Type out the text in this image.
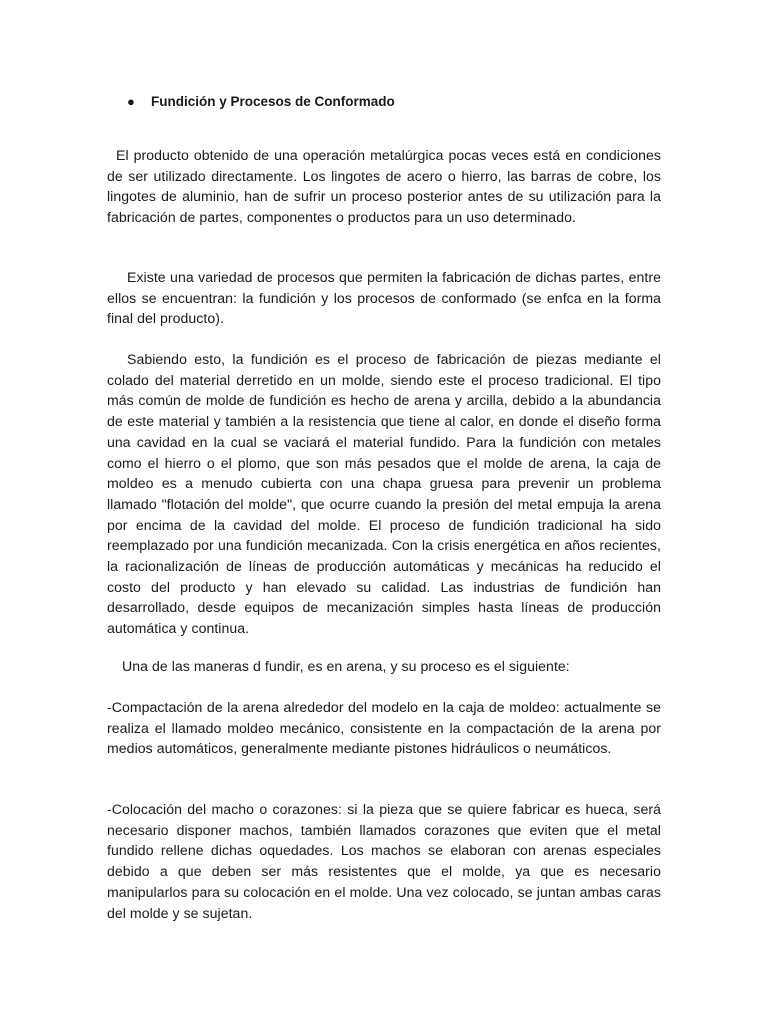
● Fundición y Procesos de Conformado

El producto obtenido de una operación metalúrgica pocas veces está en condiciones de ser utilizado directamente. Los lingotes de acero o hierro, las barras de cobre, los lingotes de aluminio, han de sufrir un proceso posterior antes de su utilización para la fabricación de partes, componentes o productos para un uso determinado.

Existe una variedad de procesos que permiten la fabricación de dichas partes, entre ellos se encuentran: la fundición y los procesos de conformado (se enfca en la forma final del producto).

Sabiendo esto, la fundición es el proceso de fabricación de piezas mediante el colado del material derretido en un molde, siendo este el proceso tradicional. El tipo más común de molde de fundición es hecho de arena y arcilla, debido a la abundancia de este material y también a la resistencia que tiene al calor, en donde el diseño forma una cavidad en la cual se vaciará el material fundido. Para la fundición con metales como el hierro o el plomo, que son más pesados que el molde de arena, la caja de moldeo es a menudo cubierta con una chapa gruesa para prevenir un problema llamado "flotación del molde", que ocurre cuando la presión del metal empuja la arena por encima de la cavidad del molde. El proceso de fundición tradicional ha sido reemplazado por una fundición mecanizada. Con la crisis energética en años recientes, la racionalización de líneas de producción automáticas y mecánicas ha reducido el costo del producto y han elevado su calidad. Las industrias de fundición han desarrollado, desde equipos de mecanización simples hasta líneas de producción automática y continua.

Una de las maneras d fundir, es en arena, y su proceso es el siguiente:

-Compactación de la arena alrededor del modelo en la caja de moldeo: actualmente se realiza el llamado moldeo mecánico, consistente en la compactación de la arena por medios automáticos, generalmente mediante pistones hidráulicos o neumáticos.

-Colocación del macho o corazones: si la pieza que se quiere fabricar es hueca, será necesario disponer machos, también llamados corazones que eviten que el metal fundido rellene dichas oquedades. Los machos se elaboran con arenas especiales debido a que deben ser más resistentes que el molde, ya que es necesario manipularlos para su colocación en el molde. Una vez colocado, se juntan ambas caras del molde y se sujetan.
